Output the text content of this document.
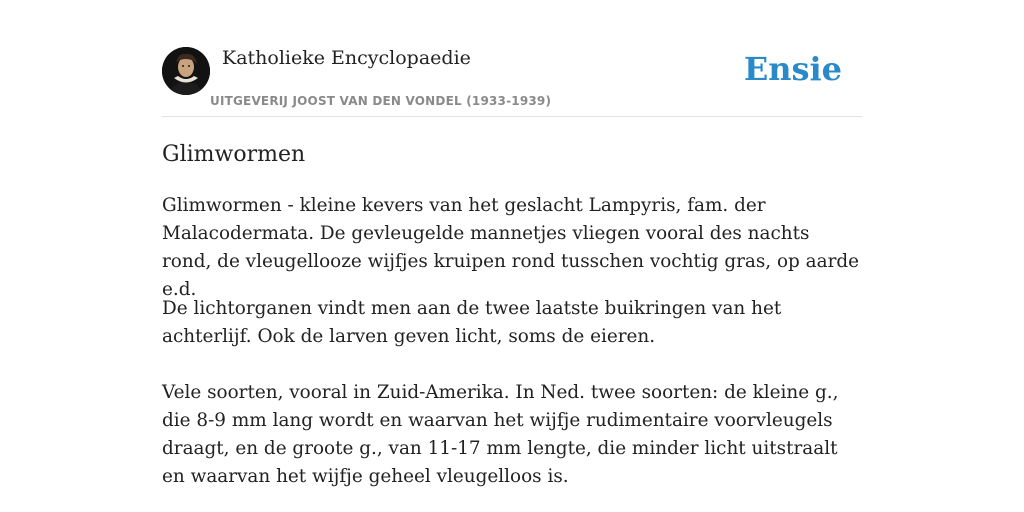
Katholieke Encyclopaedie
UITGEVERIJ JOOST VAN DEN VONDEL (1933-1939)
Ensie
Glimwormen

Glimwormen - kleine kevers van het geslacht Lampyris, fam. der Malacodermata. De gevleugelde mannetjes vliegen vooral des nachts rond, de vleugellooze wijfjes kruipen rond tusschen vochtig gras, op aarde e.d.

De lichtorganen vindt men aan de twee laatste buikringen van het achterlijf. Ook de larven geven licht, soms de eieren.

Vele soorten, vooral in Zuid-Amerika. In Ned. twee soorten: de kleine g., die 8-9 mm lang wordt en waarvan het wijfje rudimentaire voorvleugels draagt, en de groote g., van 11-17 mm lengte, die minder licht uitstraalt en waarvan het wijfje geheel vleugelloos is.
